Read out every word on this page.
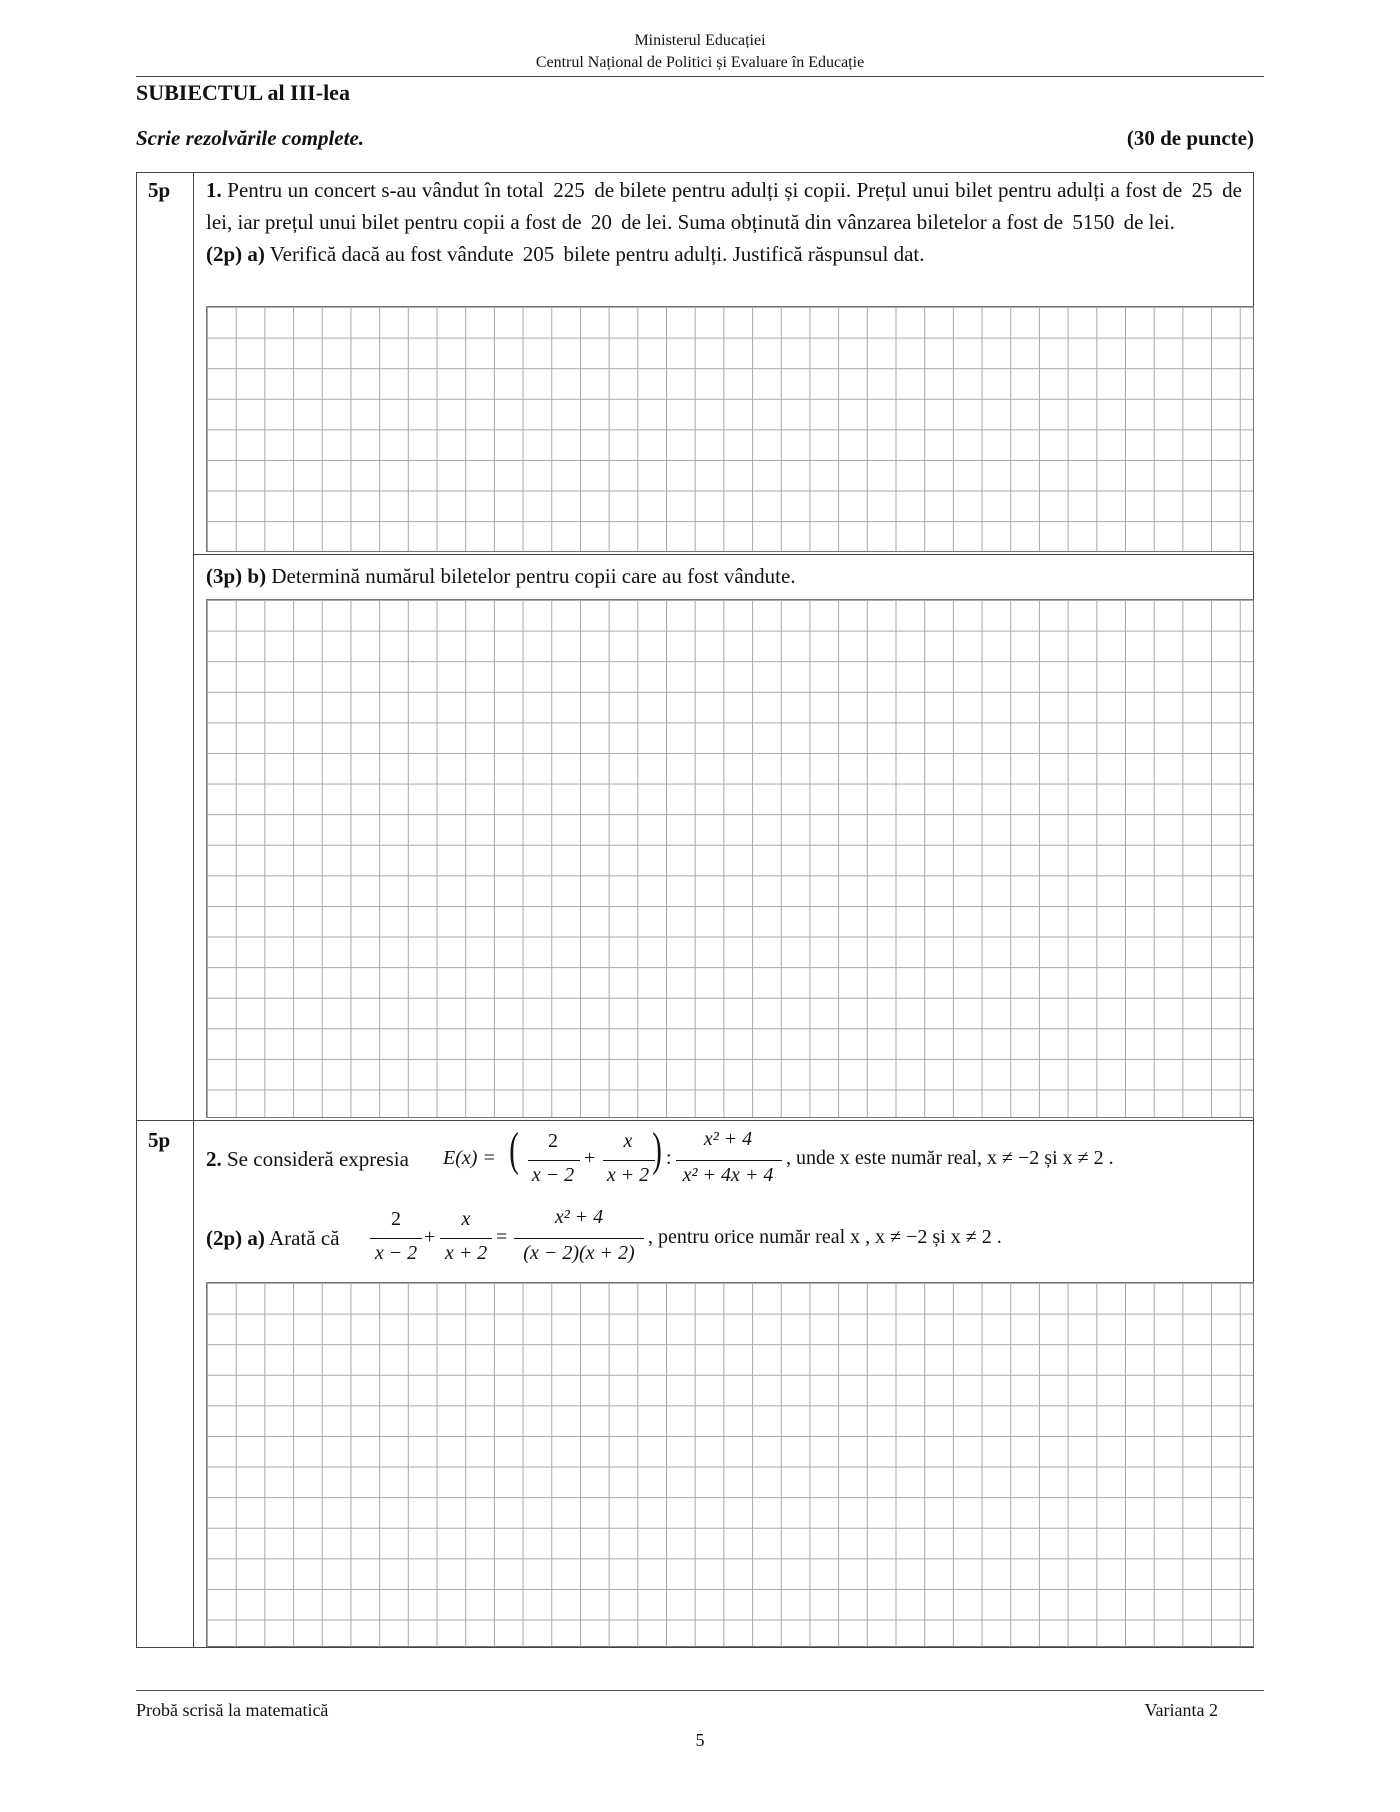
Ministerul Educației
Centrul Național de Politici și Evaluare în Educație
SUBIECTUL al III-lea
Scrie rezolvările complete.	(30 de puncte)
5p 1. Pentru un concert s-au vândut în total 225 de bilete pentru adulți și copii. Prețul unui bilet pentru adulți a fost de 25 de lei, iar prețul unui bilet pentru copii a fost de 20 de lei. Suma obținută din vânzarea biletelor a fost de 5150 de lei.
(2p) a) Verifică dacă au fost vândute 205 bilete pentru adulți. Justifică răspunsul dat.
(3p) b) Determină numărul biletelor pentru copii care au fost vândute.
5p
2. Se consideră expresia E(x) = (	2
x − 2
+
x
x + 2 ) :
x² + 4
x² + 4x + 4
, unde x este număr real, x ≠ −2 și x ≠ 2 .
(2p) a) Arată că
2
x − 2
+
x
x + 2
=
x² + 4
(x − 2)(x + 2)
, pentru orice număr real x , x ≠ −2 și x ≠ 2 .
Probă scrisă la matematică	Varianta 2
5
